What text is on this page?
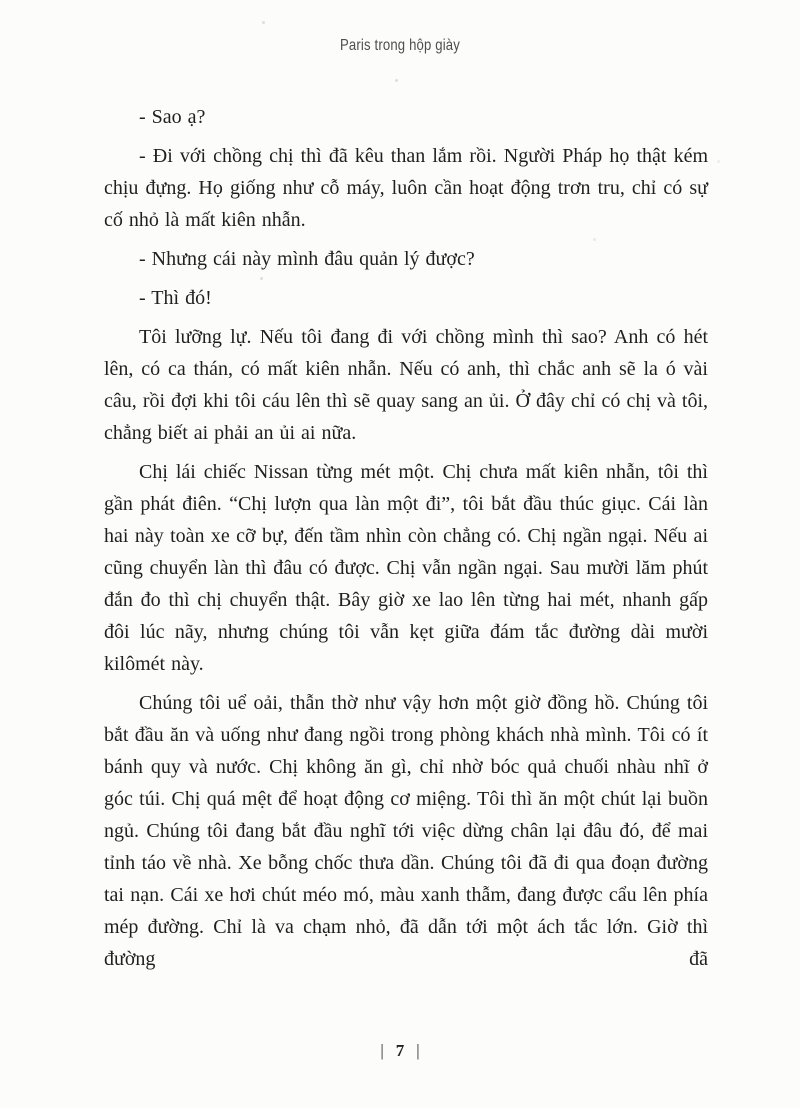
Paris trong hộp giày

- Sao ạ?

- Đi với chồng chị thì đã kêu than lắm rồi. Người Pháp họ thật kém chịu đựng. Họ giống như cỗ máy, luôn cần hoạt động trơn tru, chỉ có sự cố nhỏ là mất kiên nhẫn.

- Nhưng cái này mình đâu quản lý được?

- Thì đó!

Tôi lưỡng lự. Nếu tôi đang đi với chồng mình thì sao? Anh có hét lên, có ca thán, có mất kiên nhẫn. Nếu có anh, thì chắc anh sẽ la ó vài câu, rồi đợi khi tôi cáu lên thì sẽ quay sang an ủi. Ở đây chỉ có chị và tôi, chẳng biết ai phải an ủi ai nữa.

Chị lái chiếc Nissan từng mét một. Chị chưa mất kiên nhẫn, tôi thì gần phát điên. “Chị lượn qua làn một đi”, tôi bắt đầu thúc giục. Cái làn hai này toàn xe cỡ bự, đến tầm nhìn còn chẳng có. Chị ngần ngại. Nếu ai cũng chuyển làn thì đâu có được. Chị vẫn ngần ngại. Sau mười lăm phút đắn đo thì chị chuyển thật. Bây giờ xe lao lên từng hai mét, nhanh gấp đôi lúc nãy, nhưng chúng tôi vẫn kẹt giữa đám tắc đường dài mười kilômét này.

Chúng tôi uể oải, thẫn thờ như vậy hơn một giờ đồng hồ. Chúng tôi bắt đầu ăn và uống như đang ngồi trong phòng khách nhà mình. Tôi có ít bánh quy và nước. Chị không ăn gì, chỉ nhờ bóc quả chuối nhàu nhĩ ở góc túi. Chị quá mệt để hoạt động cơ miệng. Tôi thì ăn một chút lại buồn ngủ. Chúng tôi đang bắt đầu nghĩ tới việc dừng chân lại đâu đó, để mai tỉnh táo về nhà. Xe bỗng chốc thưa dần. Chúng tôi đã đi qua đoạn đường tai nạn. Cái xe hơi chút méo mó, màu xanh thẫm, đang được cẩu lên phía mép đường. Chỉ là va chạm nhỏ, đã dẫn tới một ách tắc lớn. Giờ thì đường đã

| 7 |
